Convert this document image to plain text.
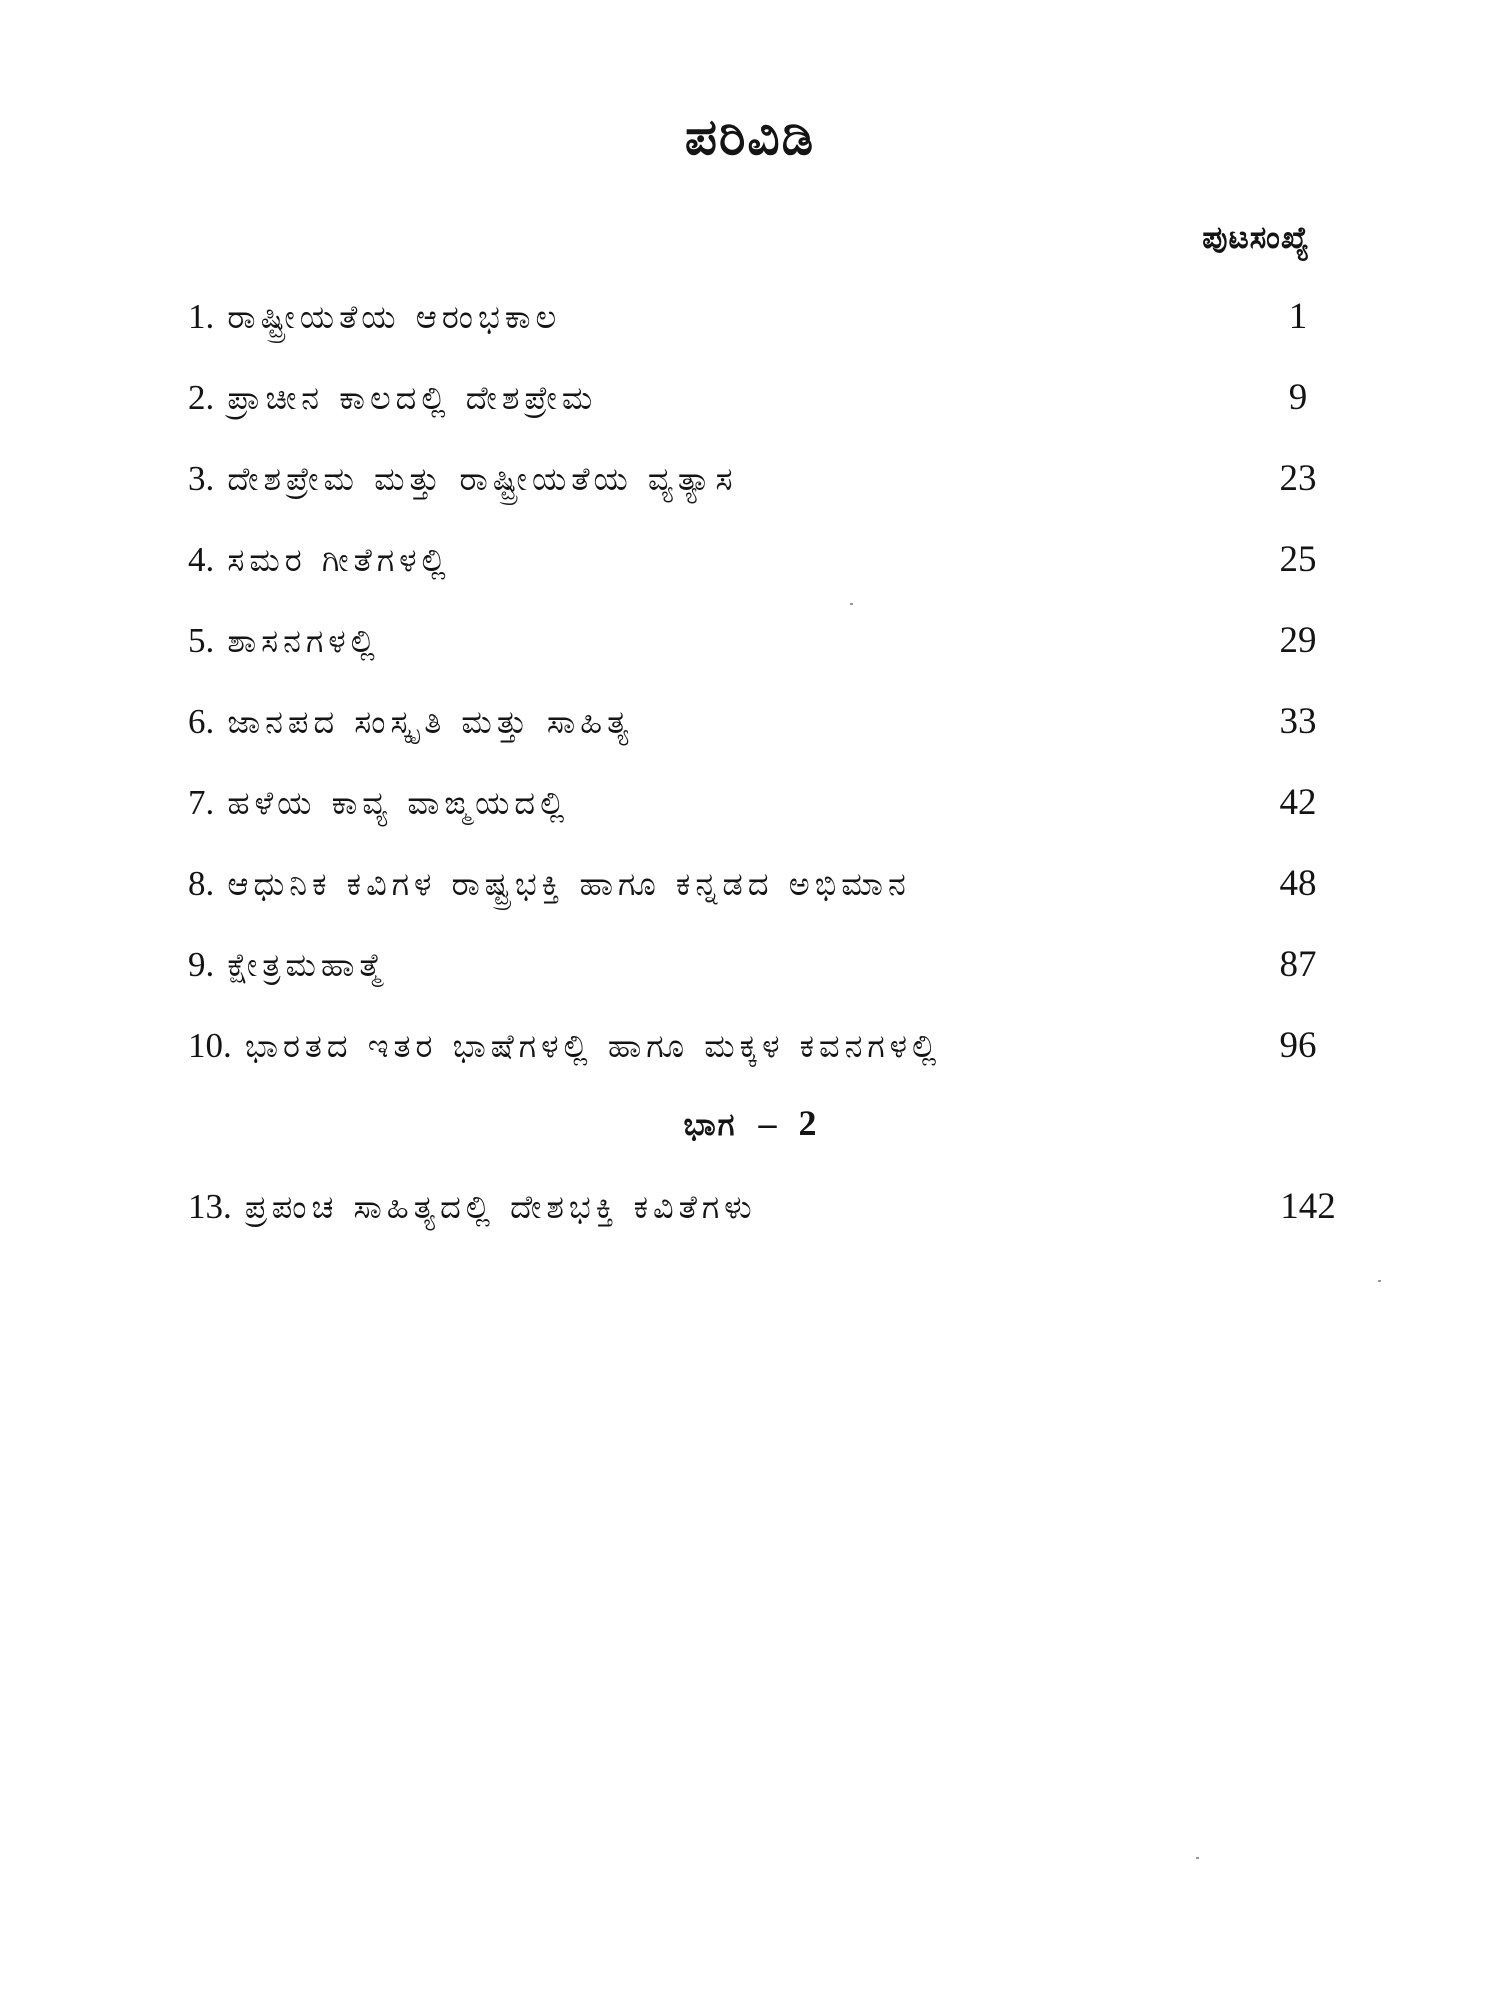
ಪರಿವಿಡಿ
ಪುಟಸಂಖ್ಯೆ
1. ರಾಷ್ಟ್ರೀಯತೆಯ ಆರಂಭಕಾಲ	1
2. ಪ್ರಾಚೀನ ಕಾಲದಲ್ಲಿ ದೇಶಪ್ರೇಮ	9
3. ದೇಶಪ್ರೇಮ ಮತ್ತು ರಾಷ್ಟ್ರೀಯತೆಯ ವ್ಯತ್ಯಾಸ	23
4. ಸಮರ ಗೀತೆಗಳಲ್ಲಿ	25
5. ಶಾಸನಗಳಲ್ಲಿ	29
6. ಜಾನಪದ ಸಂಸ್ಕೃತಿ ಮತ್ತು ಸಾಹಿತ್ಯ	33
7. ಹಳೆಯ ಕಾವ್ಯ ವಾಙ್ಮಯದಲ್ಲಿ	42
8. ಆಧುನಿಕ ಕವಿಗಳ ರಾಷ್ಟ್ರಭಕ್ತಿ ಹಾಗೂ ಕನ್ನಡದ ಅಭಿಮಾನ	48
9. ಕ್ಷೇತ್ರಮಹಾತ್ಮೆ	87
10. ಭಾರತದ ಇತರ ಭಾಷೆಗಳಲ್ಲಿ ಹಾಗೂ ಮಕ್ಕಳ ಕವನಗಳಲ್ಲಿ	96
ಭಾಗ – 2
13. ಪ್ರಪಂಚ ಸಾಹಿತ್ಯದಲ್ಲಿ ದೇಶಭಕ್ತಿ ಕವಿತೆಗಳು	142
